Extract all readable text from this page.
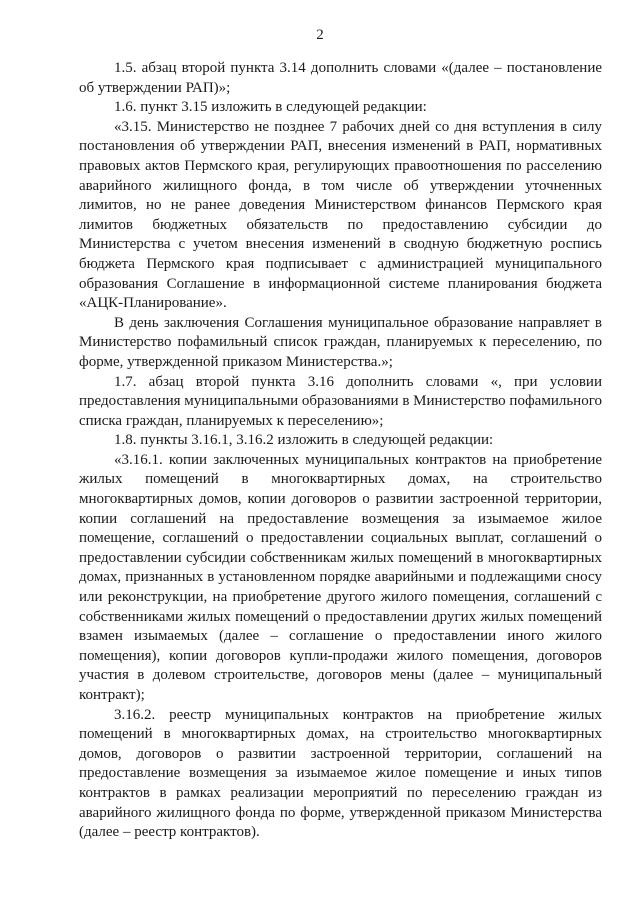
2

1.5. абзац второй пункта 3.14 дополнить словами «(далее – постановление об утверждении РАП)»;

1.6. пункт 3.15 изложить в следующей редакции:

«3.15. Министерство не позднее 7 рабочих дней со дня вступления в силу постановления об утверждении РАП, внесения изменений в РАП, нормативных правовых актов Пермского края, регулирующих правоотношения по расселению аварийного жилищного фонда, в том числе об утверждении уточненных лимитов, но не ранее доведения Министерством финансов Пермского края лимитов бюджетных обязательств по предоставлению субсидии до Министерства с учетом внесения изменений в сводную бюджетную роспись бюджета Пермского края подписывает с администрацией муниципального образования Соглашение в информационной системе планирования бюджета «АЦК-Планирование».

В день заключения Соглашения муниципальное образование направляет в Министерство пофамильный список граждан, планируемых к переселению, по форме, утвержденной приказом Министерства.»;

1.7. абзац второй пункта 3.16 дополнить словами «, при условии предоставления муниципальными образованиями в Министерство пофамильного списка граждан, планируемых к переселению»;

1.8. пункты 3.16.1, 3.16.2 изложить в следующей редакции:

«3.16.1. копии заключенных муниципальных контрактов на приобретение жилых помещений в многоквартирных домах, на строительство многоквартирных домов, копии договоров о развитии застроенной территории, копии соглашений на предоставление возмещения за изымаемое жилое помещение, соглашений о предоставлении социальных выплат, соглашений о предоставлении субсидии собственникам жилых помещений в многоквартирных домах, признанных в установленном порядке аварийными и подлежащими сносу или реконструкции, на приобретение другого жилого помещения, соглашений с собственниками жилых помещений о предоставлении других жилых помещений взамен изымаемых (далее – соглашение о предоставлении иного жилого помещения), копии договоров купли-продажи жилого помещения, договоров участия в долевом строительстве, договоров мены (далее – муниципальный контракт);

3.16.2. реестр муниципальных контрактов на приобретение жилых помещений в многоквартирных домах, на строительство многоквартирных домов, договоров о развитии застроенной территории, соглашений на предоставление возмещения за изымаемое жилое помещение и иных типов контрактов в рамках реализации мероприятий по переселению граждан из аварийного жилищного фонда по форме, утвержденной приказом Министерства (далее – реестр контрактов).
